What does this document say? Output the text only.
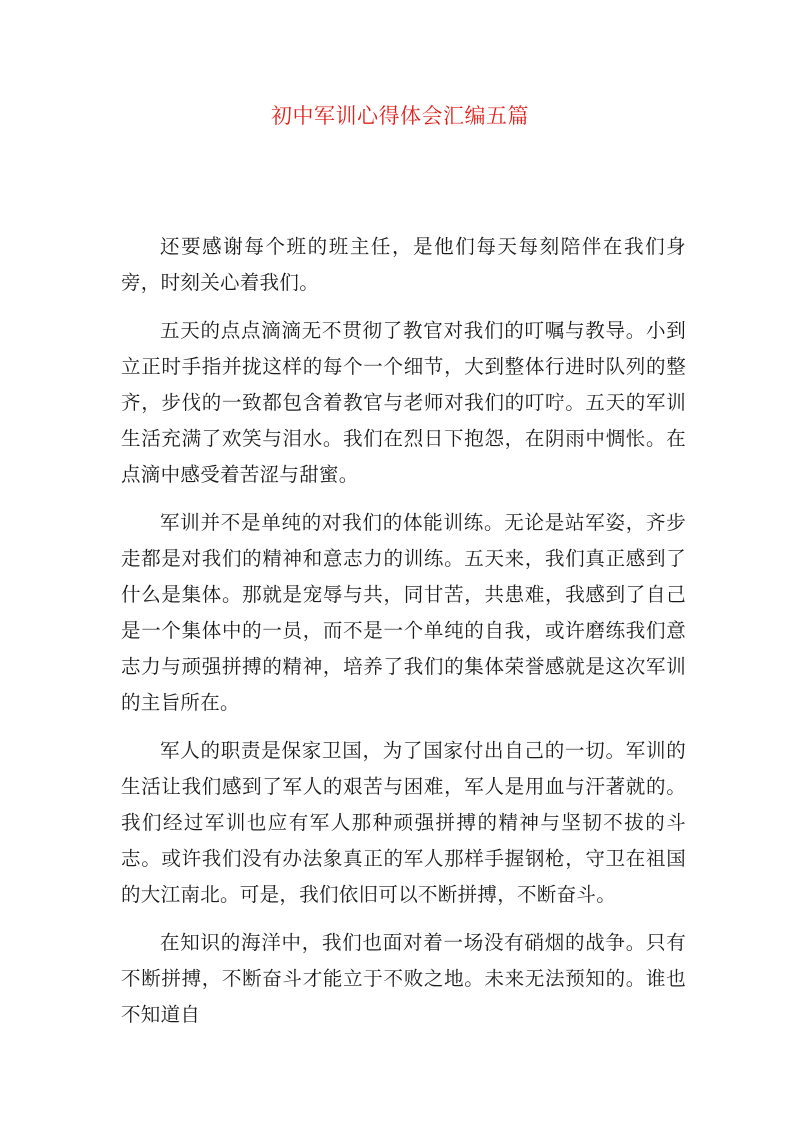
初中军训心得体会汇编五篇

还要感谢每个班的班主任，是他们每天每刻陪伴在我们身旁，时刻关心着我们。

五天的点点滴滴无不贯彻了教官对我们的叮嘱与教导。小到立正时手指并拢这样的每个一个细节，大到整体行进时队列的整齐，步伐的一致都包含着教官与老师对我们的叮咛。五天的军训生活充满了欢笑与泪水。我们在烈日下抱怨，在阴雨中惆怅。在点滴中感受着苦涩与甜蜜。

军训并不是单纯的对我们的体能训练。无论是站军姿，齐步走都是对我们的精神和意志力的训练。五天来，我们真正感到了什么是集体。那就是宠辱与共，同甘苦，共患难，我感到了自己是一个集体中的一员，而不是一个单纯的自我，或许磨练我们意志力与顽强拼搏的精神，培养了我们的集体荣誉感就是这次军训的主旨所在。

军人的职责是保家卫国，为了国家付出自己的一切。军训的生活让我们感到了军人的艰苦与困难，军人是用血与汗著就的。我们经过军训也应有军人那种顽强拼搏的精神与坚韧不拔的斗志。或许我们没有办法象真正的军人那样手握钢枪，守卫在祖国的大江南北。可是，我们依旧可以不断拼搏，不断奋斗。

在知识的海洋中，我们也面对着一场没有硝烟的战争。只有不断拼搏，不断奋斗才能立于不败之地。未来无法预知的。谁也不知道自
